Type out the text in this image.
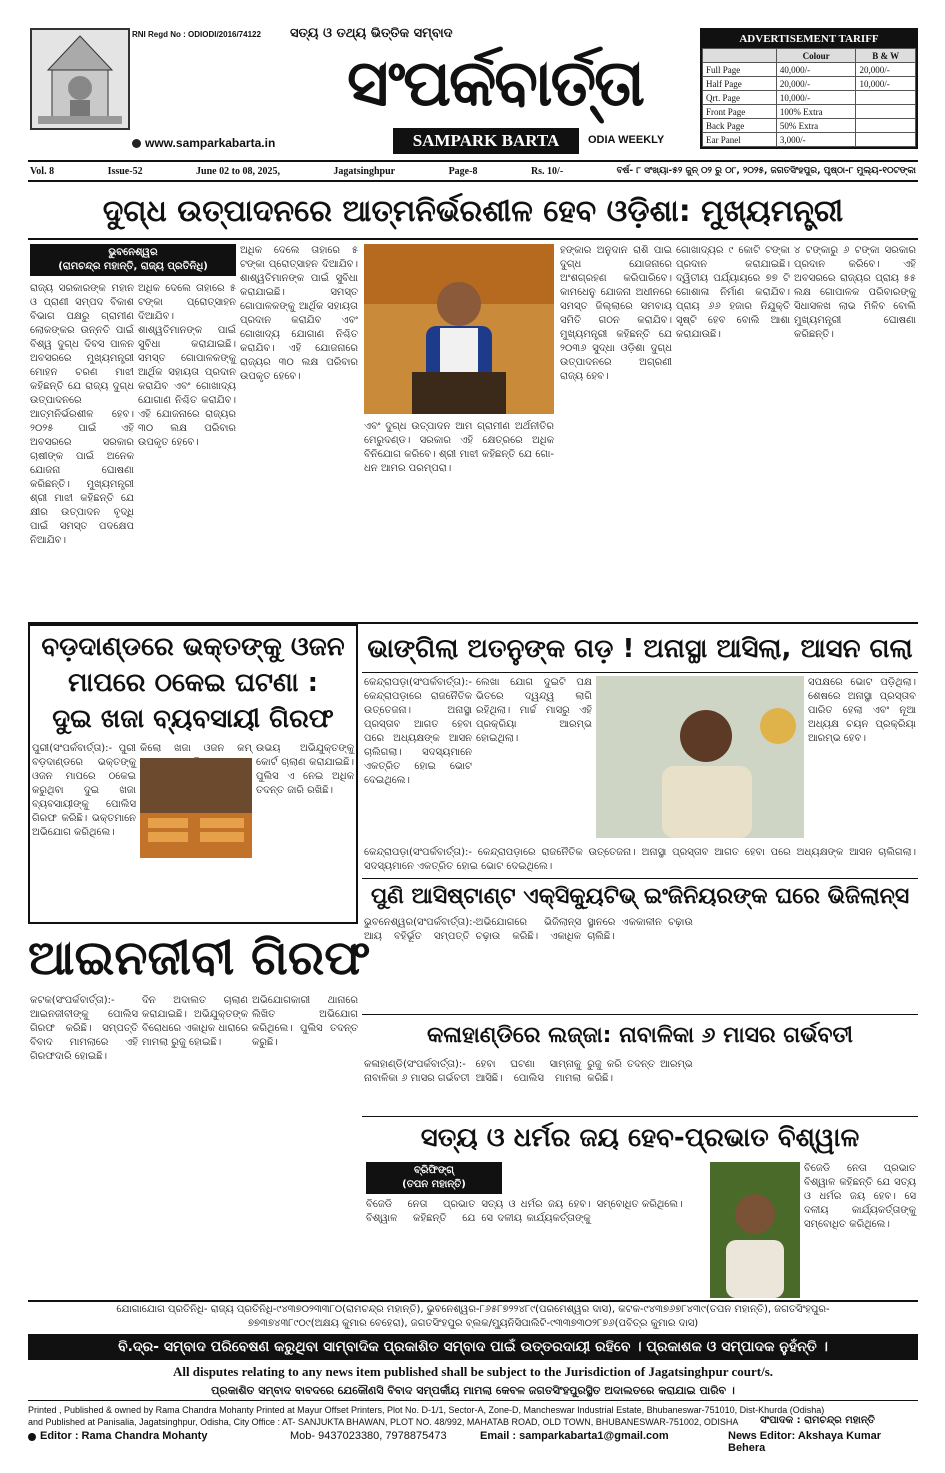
RNI Regd No : ODIODI/2016/74122
www.samparkabarta.in
ସତ୍ୟ ଓ ତଥ୍ୟ ଭିତ୍ତିକ ସମ୍ବାଦ
ସଂପର୍କବାର୍ତ୍ତା
SAMPARK BARTA	ODIA WEEKLY
ADVERTISEMENT TARIFF
	Colour	B & W
Full Page	40,000/-	20,000/-
Half Page	20,000/-	10,000/-
Qrt. Page	10,000/-	
Front Page	100% Extra	
Back Page	50% Extra	
Ear Panel	3,000/-	
Vol. 8	Issue-52	June 02 to 08, 2025,	Jagatsinghpur	Page-8	Rs. 10/-	ବର୍ଷ- ୮ ସଂଖ୍ୟା-୫୨ ଜୁନ୍ ୦୨ ରୁ ୦୮, ୨୦୨୫, ଜଗତସିଂହପୁର, ପୃଷ୍ଠା-୮ ମୁଲ୍ୟ-୧୦ଟଙ୍କା
ଦୁଗ୍ଧ ଉତ୍ପାଦନରେ ଆତ୍ମନିର୍ଭରଶୀଳ ହେବ ଓଡ଼ିଶା: ମୁଖ୍ୟମନ୍ତ୍ରୀ
ଭୁବନେଶ୍ୱର
(ରାମଚନ୍ଦ୍ର ମହାନ୍ତି, ରାଜ୍ୟ ପ୍ରତିନିଧି)
ରାଜ୍ୟ ସରକାରଙ୍କ ମହାନ ଓ ପ୍ରାଣୀ ସମ୍ପଦ ବିକାଶ ବିଭାଗ ପକ୍ଷରୁ ଗ୍ରାମୀଣ ଲୋକଙ୍କର ଉନ୍ନତି ପାଇଁ ବିଶ୍ୱ ଦୁଗ୍ଧ ଦିବସ ପାଳନ ଅବସରରେ ମୁଖ୍ୟମନ୍ତ୍ରୀ ମୋହନ ଚରଣ ମାଝୀ କହିଛନ୍ତି ଯେ ରାଜ୍ୟ ଦୁଗ୍ଧ ଉତ୍ପାଦନରେ ଆତ୍ମନିର୍ଭରଶୀଳ ହେବ। ୨୦୨୫ ପାଇଁ ଏହି ଅବସରରେ ସରକାର ଚାଷୀଙ୍କ ପାଇଁ ଅନେକ ଯୋଜନା ଘୋଷଣା କରିଛନ୍ତି। ମୁଖ୍ୟମନ୍ତ୍ରୀ ଶ୍ରୀ ମାଝୀ କହିଛନ୍ତି ଯେ କ୍ଷୀର ଉତ୍ପାଦନ ବୃଦ୍ଧି ପାଇଁ ସମସ୍ତ ପଦକ୍ଷେପ ନିଆଯିବ।
ଅଧିକ ଦେଲେ ତାହାରେ ୫ ଟଙ୍କା ପ୍ରୋତ୍ସାହନ ଦିଆଯିବ। ଶାଶ୍ୱତିମାନଙ୍କ ପାଇଁ ସୁବିଧା କରାଯାଇଛି। ସମସ୍ତ ଗୋପାଳକଙ୍କୁ ଆର୍ଥିକ ସହାୟତା ପ୍ରଦାନ କରାଯିବ ଏବଂ ଗୋଖାଦ୍ୟ ଯୋଗାଣ ନିଶ୍ଚିତ କରାଯିବ। ଏହି ଯୋଜନାରେ ରାଜ୍ୟର ୩୦ ଲକ୍ଷ ପରିବାର ଉପକୃତ ହେବେ।
ଅଧିକ ଦେଲେ ତାହାରେ ୫ ଟଙ୍କା ପ୍ରୋତ୍ସାହନ ଦିଆଯିବ। ଶାଶ୍ୱତିମାନଙ୍କ ପାଇଁ ସୁବିଧା କରାଯାଇଛି। ସମସ୍ତ ଗୋପାଳକଙ୍କୁ ଆର୍ଥିକ ସହାୟତା ପ୍ରଦାନ କରାଯିବ ଏବଂ ଗୋଖାଦ୍ୟ ଯୋଗାଣ ନିଶ୍ଚିତ କରାଯିବ। ଏହି ଯୋଜନାରେ ରାଜ୍ୟର ୩୦ ଲକ୍ଷ ପରିବାର ଉପକୃତ ହେବେ।
ଏବଂ ଦୁଗ୍ଧ ଉତ୍ପାଦନ ଆମ ଗ୍ରାମୀଣ ଅର୍ଥନୀତିର ମେରୁଦଣ୍ଡ। ସରକାର ଏହି କ୍ଷେତ୍ରରେ ଅଧିକ ବିନିଯୋଗ କରିବେ। ଶ୍ରୀ ମାଝୀ କହିଛନ୍ତି ଯେ ଗୋ-ଧନ ଆମର ପରମ୍ପରା।
ହଙ୍କାର ଅନୁଦାନ ରାଶି ପାଇ ଦୁଗ୍ଧ ଯୋଜନାରେ ଅଂଶଗ୍ରହଣ କରିପାରିବେ। କାମଧେନୁ ଯୋଜନା ଅଧୀନରେ ସମସ୍ତ ଜିଲ୍ଲାରେ ସମବାୟ ସମିତି ଗଠନ କରାଯିବ। ମୁଖ୍ୟମନ୍ତ୍ରୀ କହିଛନ୍ତି ଯେ ୨୦୩୬ ସୁଦ୍ଧା ଓଡ଼ିଶା ଦୁଗ୍ଧ ଉତ୍ପାଦନରେ ଅଗ୍ରଣୀ ରାଜ୍ୟ ହେବ।
ଗୋଖାଦ୍ୟର ୯ କୋଟି ଟଙ୍କା ପ୍ରଦାନ କରାଯାଇଛି। ଦ୍ୱିତୀୟ ପର୍ଯ୍ୟାୟରେ ୭୭ ଟି ଗୋଶାଳା ନିର୍ମାଣ କରାଯିବ। ପ୍ରାୟ ୬୬ ହଜାର ନିଯୁକ୍ତି ସୃଷ୍ଟି ହେବ ବୋଲି ଆଶା କରାଯାଉଛି।
୪ ଟଙ୍କାରୁ ୬ ଟଙ୍କା ସରକାର ପ୍ରଦାନ କରିବେ। ଏହି ଅବସରରେ ରାଜ୍ୟର ପ୍ରାୟ ୫୫ ଲକ୍ଷ ଗୋପାଳକ ପରିବାରଙ୍କୁ ସିଧାସଳଖ ଲାଭ ମିଳିବ ବୋଲି ମୁଖ୍ୟମନ୍ତ୍ରୀ ଘୋଷଣା କରିଛନ୍ତି।
ବଡ଼ଦାଣ୍ଡରେ ଭକ୍ତଙ୍କୁ ଓଜନ
ମାପରେ ଠକେଇ ଘଟଣା :
ଦୁଇ ଖଜା ବ୍ୟବସାୟୀ ଗିରଫ
ପୁରୀ(ସଂପର୍କବାର୍ତ୍ତା):- ପୁରୀ ବଡ଼ଦାଣ୍ଡରେ ଭକ୍ତଙ୍କୁ ଓଜନ ମାପରେ ଠକେଇ କରୁଥିବା ଦୁଇ ଖଜା ବ୍ୟବସାୟୀଙ୍କୁ ପୋଲିସ ଗିରଫ କରିଛି। ଭକ୍ତମାନେ ଅଭିଯୋଗ କରିଥିଲେ।
କିଲୋ ଖଜା ଓଜନ କମ୍ ଉଭୟ ଅଭିଯୁକ୍ତଙ୍କୁ କୋର୍ଟ ଚାଲାଣ କରାଯାଇଛି। ପୁଲିସ ଏ ନେଇ ଅଧିକ ତଦନ୍ତ ଜାରି ରଖିଛି।
ଭାଙ୍ଗିଲା ଅତନୁଙ୍କ ଗଡ଼ ! ଅନାସ୍ଥା ଆସିଲା, ଆସନ ଗଲା
କେନ୍ଦ୍ରାପଡ଼ା(ସଂପର୍କବାର୍ତ୍ତା):- କେନ୍ଦ୍ରାପଡ଼ାରେ ରାଜନୈତିକ ଉତ୍ତେଜନା। ଅନାସ୍ଥା ପ୍ରସ୍ତାବ ଆଗତ ହେବା ପରେ ଅଧ୍ୟକ୍ଷଙ୍କ ଆସନ ଚାଲିଗଲା। ସଦସ୍ୟମାନେ ଏକତ୍ରିତ ହୋଇ ଭୋଟ ଦେଇଥିଲେ।
ଲେଖା ଯୋଗ ଦୁଇଟି ପକ୍ଷ ଭିତରେ ଦ୍ୱନ୍ଦ୍ୱ ଲାଗି ରହିଥିଲା। ମାର୍ଚ୍ଚ ମାସରୁ ଏହି ପ୍ରକ୍ରିୟା ଆରମ୍ଭ ହୋଇଥିଲା।
ସପକ୍ଷରେ ଭୋଟ ପଡ଼ିଥିଲା। ଶେଷରେ ଅନାସ୍ଥା ପ୍ରସ୍ତାବ ପାରିତ ହେଲା ଏବଂ ନୂଆ ଅଧ୍ୟକ୍ଷ ଚୟନ ପ୍ରକ୍ରିୟା ଆରମ୍ଭ ହେବ।
କେନ୍ଦ୍ରାପଡ଼ା(ସଂପର୍କବାର୍ତ୍ତା):- କେନ୍ଦ୍ରାପଡ଼ାରେ ରାଜନୈତିକ ଉତ୍ତେଜନା। ଅନାସ୍ଥା ପ୍ରସ୍ତାବ ଆଗତ ହେବା ପରେ ଅଧ୍ୟକ୍ଷଙ୍କ ଆସନ ଚାଲିଗଲା। ସଦସ୍ୟମାନେ ଏକତ୍ରିତ ହୋଇ ଭୋଟ ଦେଇଥିଲେ।
ପୁଣି ଆସିଷ୍ଟାଣ୍ଟ ଏକ୍ସିକ୍ୟୁଟିଭ୍ ଇଂଜିନିୟରଙ୍କ ଘରେ ଭିଜିଲାନ୍ସ
ଭୁବନେଶ୍ୱର(ସଂପର୍କବାର୍ତ୍ତା):- ଆୟ ବହିର୍ଭୂତ ସମ୍ପତ୍ତି ଅଭିଯୋଗରେ ଭିଜିଲାନ୍ସ ଚଢ଼ାଉ କରିଛି। ଏକାଧିକ ସ୍ଥାନରେ ଏକକାଳୀନ ଚଢ଼ାଉ ଚାଲିଛି।
ଆଇନଜୀବୀ ଗିରଫ
କଟକ(ସଂପର୍କବାର୍ତ୍ତା):- ଆଇନଜୀବୀଙ୍କୁ ପୋଲିସ ଗିରଫ କରିଛି। ସମ୍ପତ୍ତି ବିବାଦ ମାମଲାରେ ଏହି ଗିରଫଦାରି ହୋଇଛି।
ଦିନ ଅଦାଲତ ଚାଲାଣ କରାଯାଇଛି। ଅଭିଯୁକ୍ତଙ୍କ ବିରୋଧରେ ଏକାଧିକ ଧାରାରେ ମାମଲା ରୁଜୁ ହୋଇଛି।
ଅଭିଯୋଗକାରୀ ଥାନାରେ ଲିଖିତ ଅଭିଯୋଗ କରିଥିଲେ। ପୁଲିସ ତଦନ୍ତ କରୁଛି।	କଳାହାଣ୍ଡିରେ ଲଜ୍ଜା: ନାବାଳିକା ୬ ମାସର ଗର୍ଭବତୀ
କଳାହାଣ୍ଡି(ସଂପର୍କବାର୍ତ୍ତା):- ନାବାଳିକା ୬ ମାସର ଗର୍ଭବତୀ ହେବା ଘଟଣା ସାମ୍ନାକୁ ଆସିଛି। ପୋଲିସ ମାମଲା ରୁଜୁ କରି ତଦନ୍ତ ଆରମ୍ଭ କରିଛି।
ସତ୍ୟ ଓ ଧର୍ମର ଜୟ ହେବ-ପ୍ରଭାତ ବିଶ୍ୱାଳ
ବ୍ରିଫିଙ୍ଗ୍
(ତପନ ମହାନ୍ତି)
ବିଜେଡି ନେତା ପ୍ରଭାତ ବିଶ୍ୱାଳ କହିଛନ୍ତି ଯେ ସତ୍ୟ ଓ ଧର୍ମର ଜୟ ହେବ। ସେ ଦଳୀୟ କାର୍ଯ୍ୟକର୍ତ୍ତାଙ୍କୁ ସମ୍ବୋଧିତ କରିଥିଲେ।
ବିଜେଡି ନେତା ପ୍ରଭାତ ବିଶ୍ୱାଳ କହିଛନ୍ତି ଯେ ସତ୍ୟ ଓ ଧର୍ମର ଜୟ ହେବ। ସେ ଦଳୀୟ କାର୍ଯ୍ୟକର୍ତ୍ତାଙ୍କୁ ସମ୍ବୋଧିତ କରିଥିଲେ।
ଯୋଗାଯୋଗ ପ୍ରତିନିଧି- ରାଜ୍ୟ ପ୍ରତିନିଧି-୯୪୩୭୦୨୩୩୮୦(ରାମଚନ୍ଦ୍ର ମହାନ୍ତି), ଭୁବନେଶ୍ୱର-୮୬୫୮୭୨୨୪୮୯(ପରମେଶ୍ୱର ଦାସ), କଟକ-୯୪୩୭୬୭୮୪୩୯(ତପନ ମହାନ୍ତି), ଜଗତସିଂହପୁର-
୭୭୩୭୪୩୮୯୦୯(ଅକ୍ଷୟ କୁମାର ବେହେରା), ଜଗତସିଂହପୁର ବ୍ଲକ/ମ୍ୟୁନିସିପାଲିଟି-୯୩୩୭୩୦୨୮୭୬(ପବିତ୍ର କୁମାର ଦାସ)
ବି.ଦ୍ର- ସମ୍ବାଦ ପରିବେଷଣ କରୁଥିବା ସାମ୍ବାଦିକ ପ୍ରକାଶିତ ସମ୍ବାଦ ପାଇଁ ଉତ୍ତରଦାୟୀ ରହିବେ । ପ୍ରକାଶକ ଓ ସମ୍ପାଦକ ନୁହଁନ୍ତି ।
All disputes relating to any news item published shall be subject to the Jurisdiction of Jagatsinghpur court/s.
ପ୍ରକାଶିତ ସମ୍ବାଦ ବାବଦରେ ଯେକୌଣସି ବିବାଦ ସମ୍ପର୍କୀୟ ମାମଲା କେବଳ ଜଗତସିଂହପୁରସ୍ଥିତ ଅଦାଲତରେ କରାଯାଇ ପାରିବ ।
Printed , Published & owned by Rama Chandra Mohanty Printed at Mayur Offset Printers, Plot No. D-1/1, Sector-A, Zone-D, Mancheswar Industrial Estate, Bhubaneswar-751010, Dist-Khurda (Odisha)
and Published at Panisalia, Jagatsinghpur, Odisha, City Office : AT- SANJUKTA BHAWAN, PLOT NO. 48/992, MAHATAB ROAD, OLD TOWN, BHUBANESWAR-751002, ODISHA ସଂପାଦକ : ରାମଚନ୍ଦ୍ର ମହାନ୍ତି
Editor : Rama Chandra Mohanty	Mob- 9437023380, 7978875473	Email : samparkabarta1@gmail.com	News Editor: Akshaya Kumar Behera
